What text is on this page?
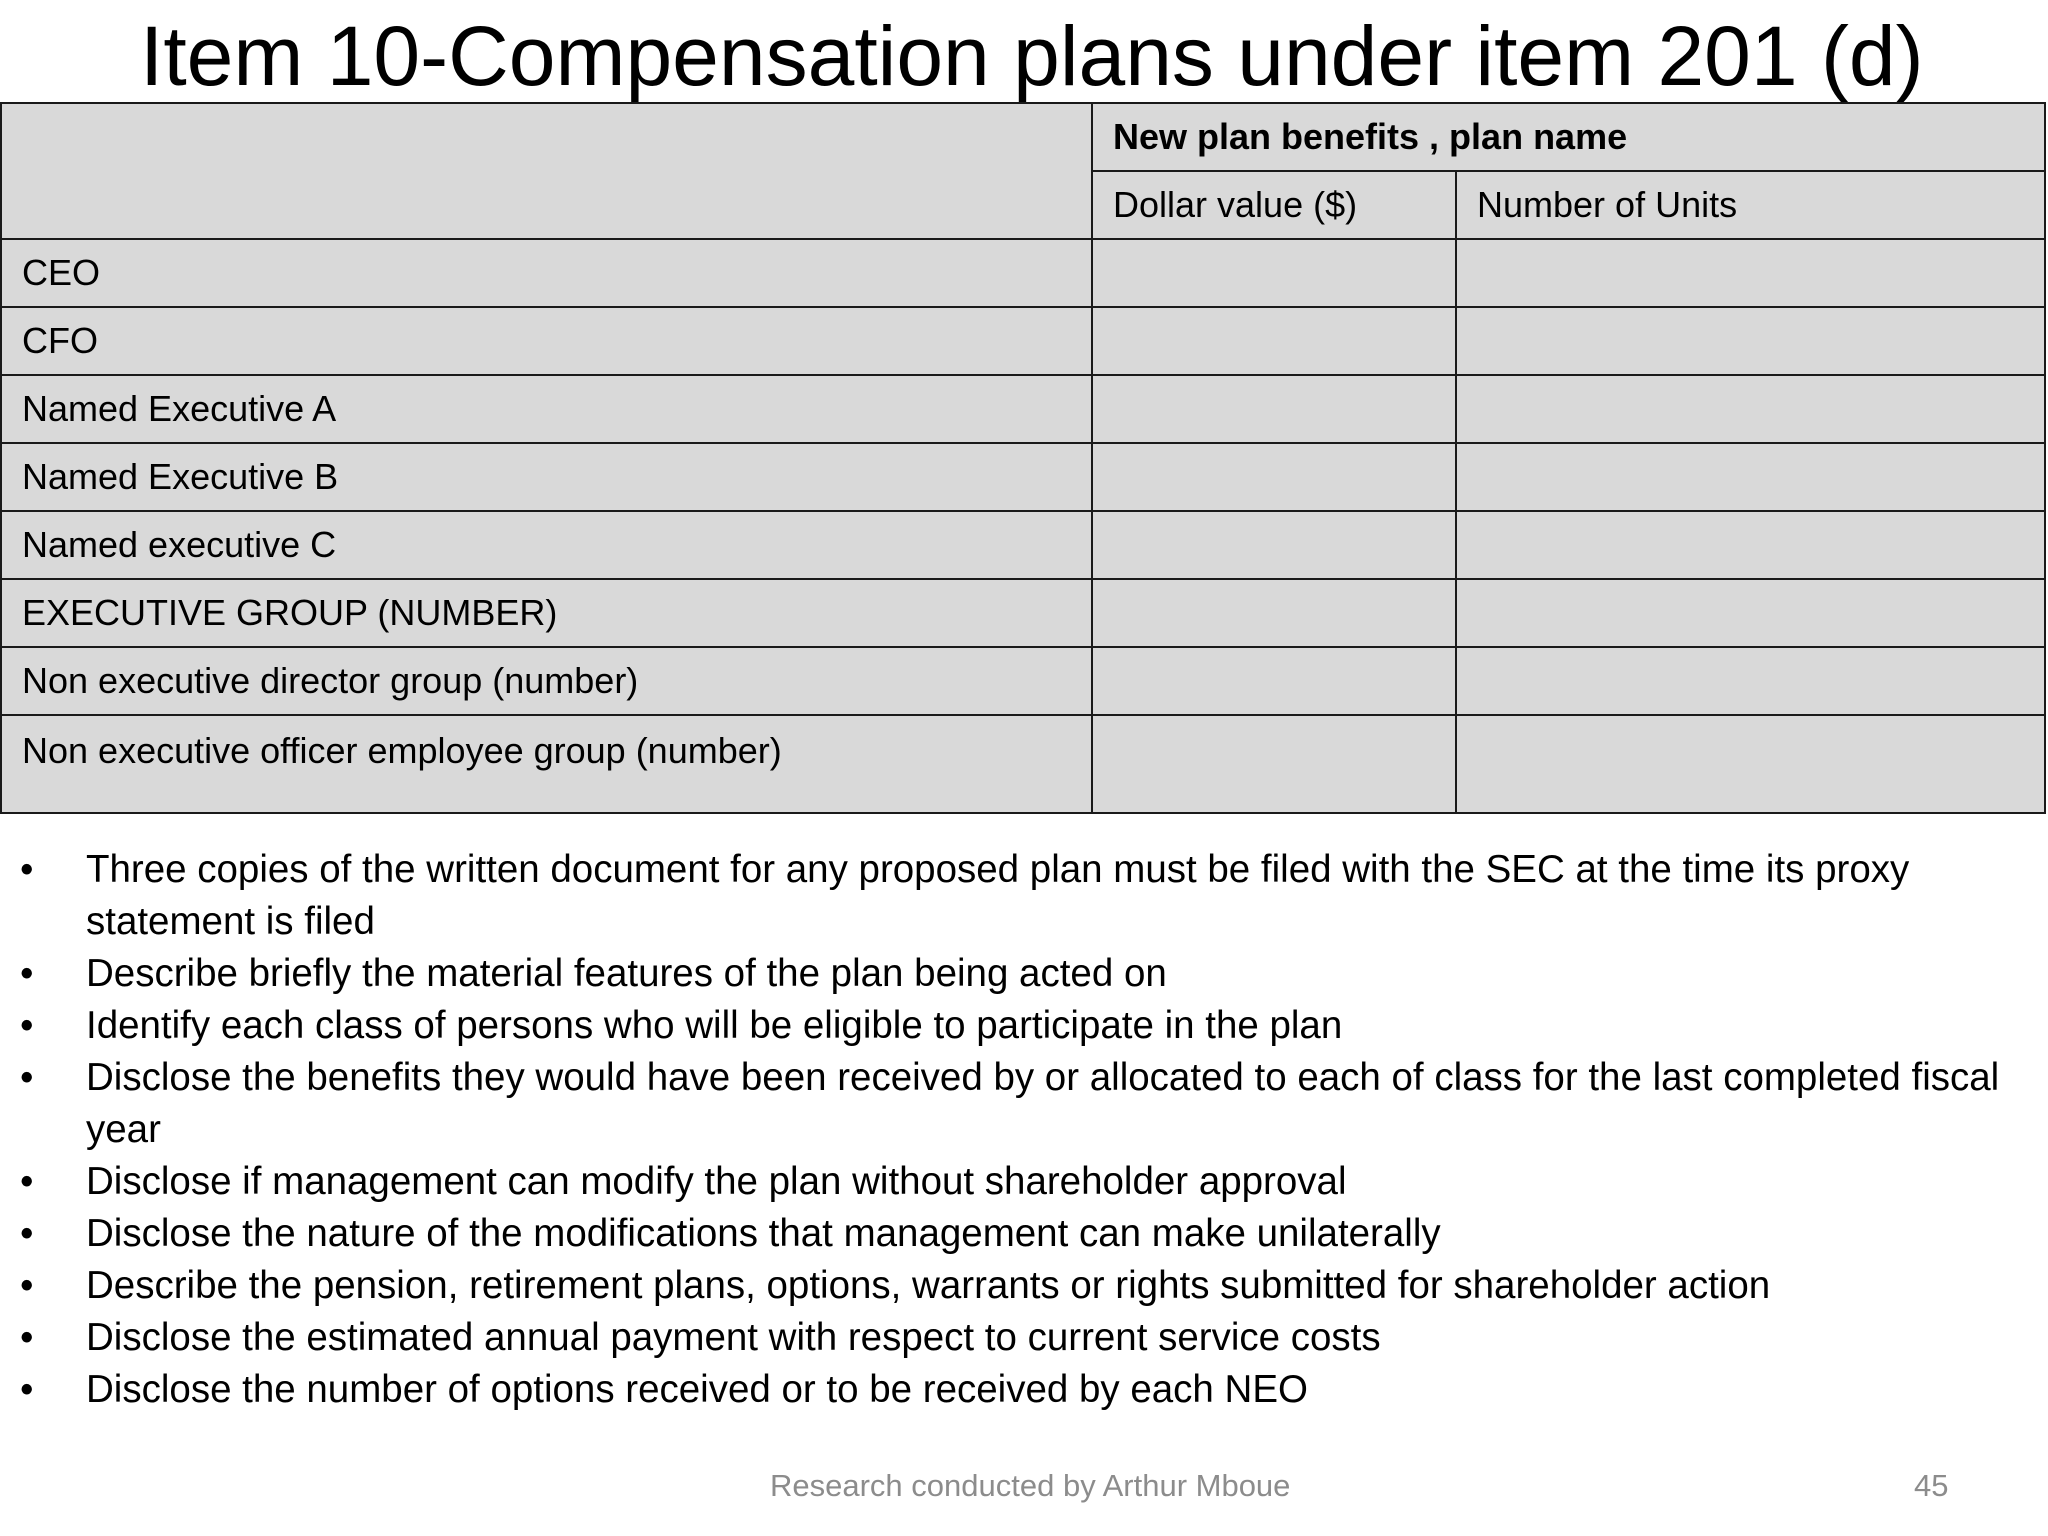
Item 10-Compensation plans under item 201 (d)
	New plan benefits , plan name	
	Dollar value ($)	Number of Units
CEO		
CFO		
Named Executive A		
Named Executive B		
Named executive C		
EXECUTIVE GROUP (NUMBER)		
Non executive director group (number)		
Non executive officer employee group (number)		
• Three copies of the written document for any proposed plan must be filed with the SEC at the time its proxy statement is filed
• Describe briefly the material features of the plan being acted on
• Identify each class of persons who will be eligible to participate in the plan
• Disclose the benefits they would have been received by or allocated to each of class for the last completed fiscal year
• Disclose if management can modify the plan without shareholder approval
• Disclose the nature of the modifications that management can make unilaterally
• Describe the pension, retirement plans, options, warrants or rights submitted for shareholder action
• Disclose the estimated annual payment with respect to current service costs
• Disclose the number of options received or to be received by each NEO
Research conducted by Arthur Mboue	45
